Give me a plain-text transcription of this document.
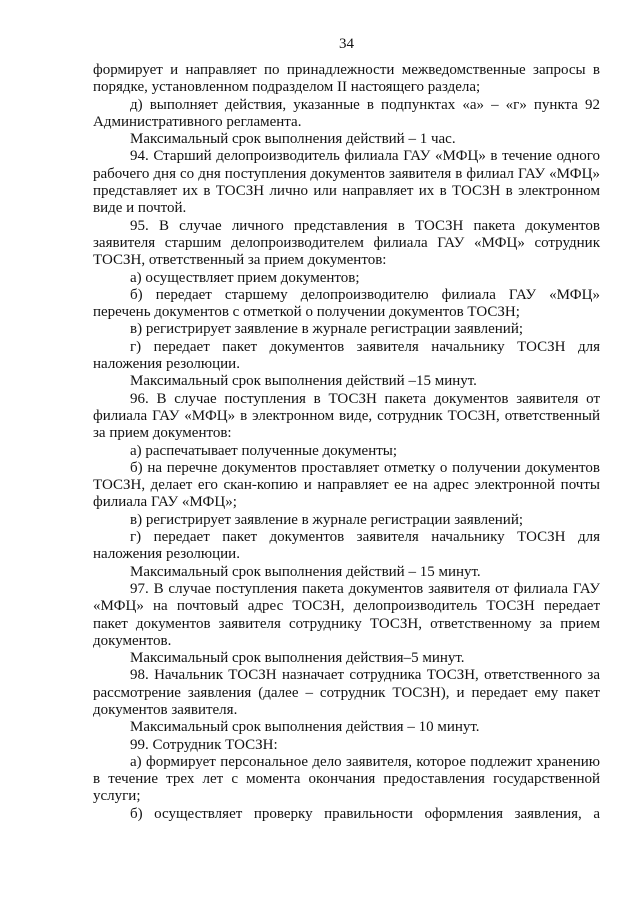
34

формирует и направляет по принадлежности межведомственные запросы в порядке, установленном подразделом II настоящего раздела;

д) выполняет действия, указанные в подпунктах «а» – «г» пункта 92 Административного регламента.

Максимальный срок выполнения действий – 1 час.

94. Старший делопроизводитель филиала ГАУ «МФЦ» в течение одного рабочего дня со дня поступления документов заявителя в филиал ГАУ «МФЦ» представляет их в ТОСЗН лично или направляет их в ТОСЗН в электронном виде и почтой.

95. В случае личного представления в ТОСЗН пакета документов заявителя старшим делопроизводителем филиала ГАУ «МФЦ» сотрудник ТОСЗН, ответственный за прием документов:

а) осуществляет прием документов;

б) передает старшему делопроизводителю филиала ГАУ «МФЦ» перечень документов с отметкой о получении документов ТОСЗН;

в) регистрирует заявление в журнале регистрации заявлений;

г) передает пакет документов заявителя начальнику ТОСЗН для наложения резолюции.

Максимальный срок выполнения действий –15 минут.

96. В случае поступления в ТОСЗН пакета документов заявителя от филиала ГАУ «МФЦ» в электронном виде, сотрудник ТОСЗН, ответственный за прием документов:

а) распечатывает полученные документы;

б) на перечне документов проставляет отметку о получении документов ТОСЗН, делает его скан-копию и направляет ее на адрес электронной почты филиала ГАУ «МФЦ»;

в) регистрирует заявление в журнале регистрации заявлений;

г) передает пакет документов заявителя начальнику ТОСЗН для наложения резолюции.

Максимальный срок выполнения действий – 15 минут.

97. В случае поступления пакета документов заявителя от филиала ГАУ «МФЦ» на почтовый адрес ТОСЗН, делопроизводитель ТОСЗН передает пакет документов заявителя сотруднику ТОСЗН, ответственному за прием документов.

Максимальный срок выполнения действия–5 минут.

98. Начальник ТОСЗН назначает сотрудника ТОСЗН, ответственного за рассмотрение заявления (далее – сотрудник ТОСЗН), и передает ему пакет документов заявителя.

Максимальный срок выполнения действия – 10 минут.

99. Сотрудник ТОСЗН:

а) формирует персональное дело заявителя, которое подлежит хранению в течение трех лет с момента окончания предоставления государственной услуги;

б) осуществляет проверку правильности оформления заявления, а
